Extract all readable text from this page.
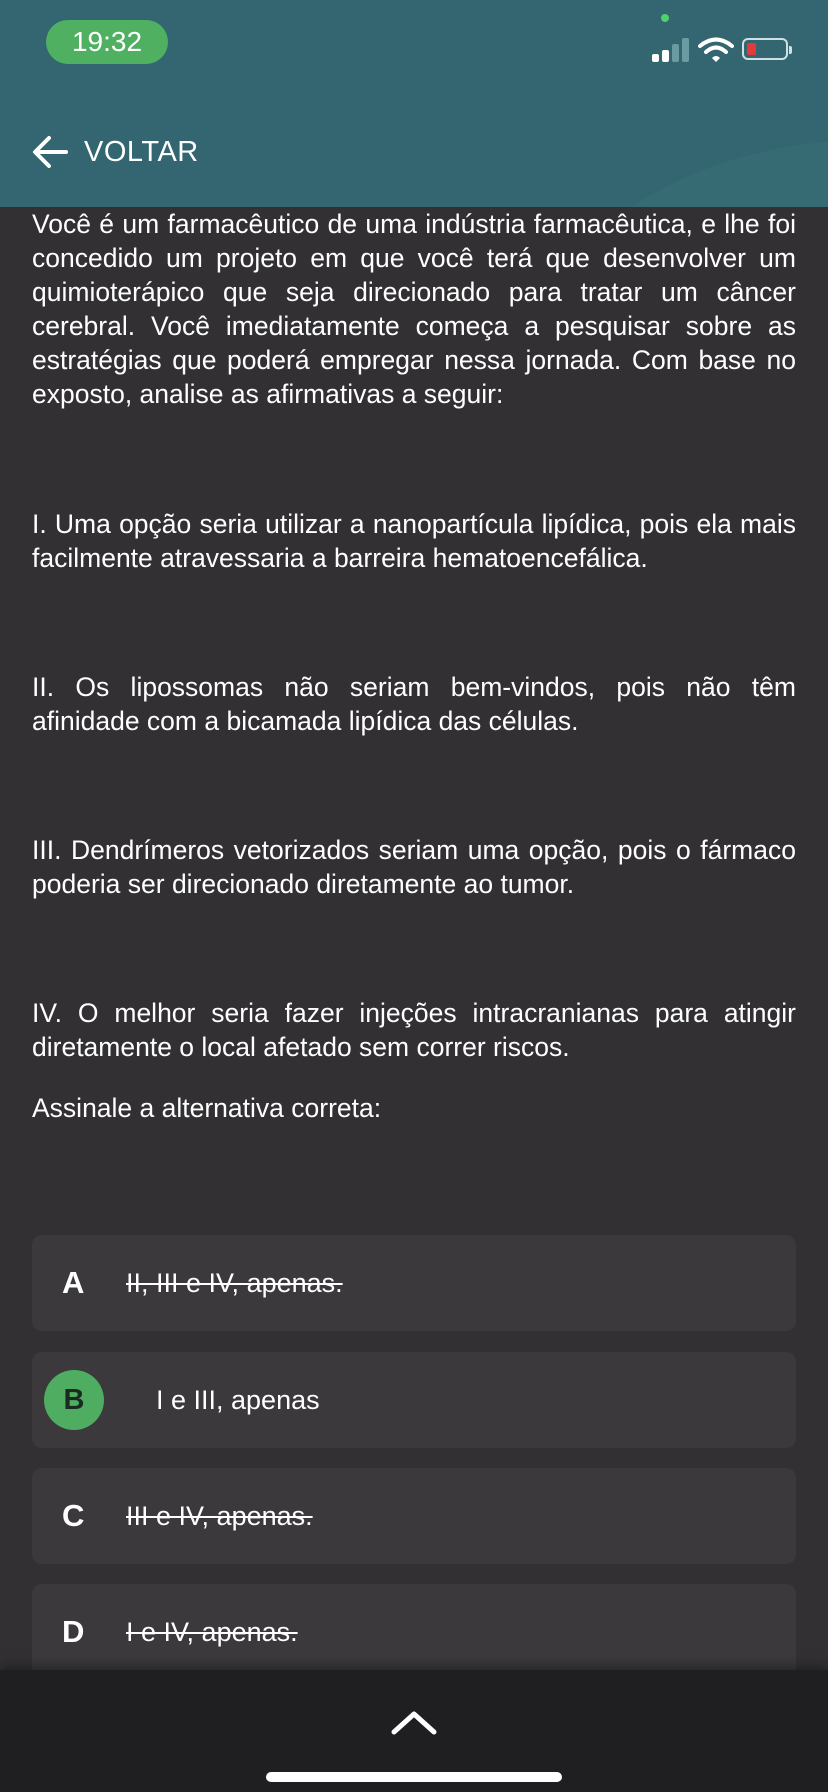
19:32
VOLTAR

Você é um farmacêutico de uma indústria farmacêutica, e lhe foi concedido um projeto em que você terá que desenvolver um quimioterápico que seja direcionado para tratar um câncer cerebral. Você imediatamente começa a pesquisar sobre as estratégias que poderá empregar nessa jornada. Com base no exposto, analise as afirmativas a seguir:

I. Uma opção seria utilizar a nanopartícula lipídica, pois ela mais facilmente atravessaria a barreira hematoencefálica.

II. Os lipossomas não seriam bem-vindos, pois não têm afinidade com a bicamada lipídica das células.

III. Dendrímeros vetorizados seriam uma opção, pois o fármaco poderia ser direcionado diretamente ao tumor.

IV. O melhor seria fazer injeções intracranianas para atingir diretamente o local afetado sem correr riscos.

Assinale a alternativa correta:
A	II, III e IV, apenas.
B	I e III, apenas
C	III e IV, apenas.
D	I e IV, apenas.
